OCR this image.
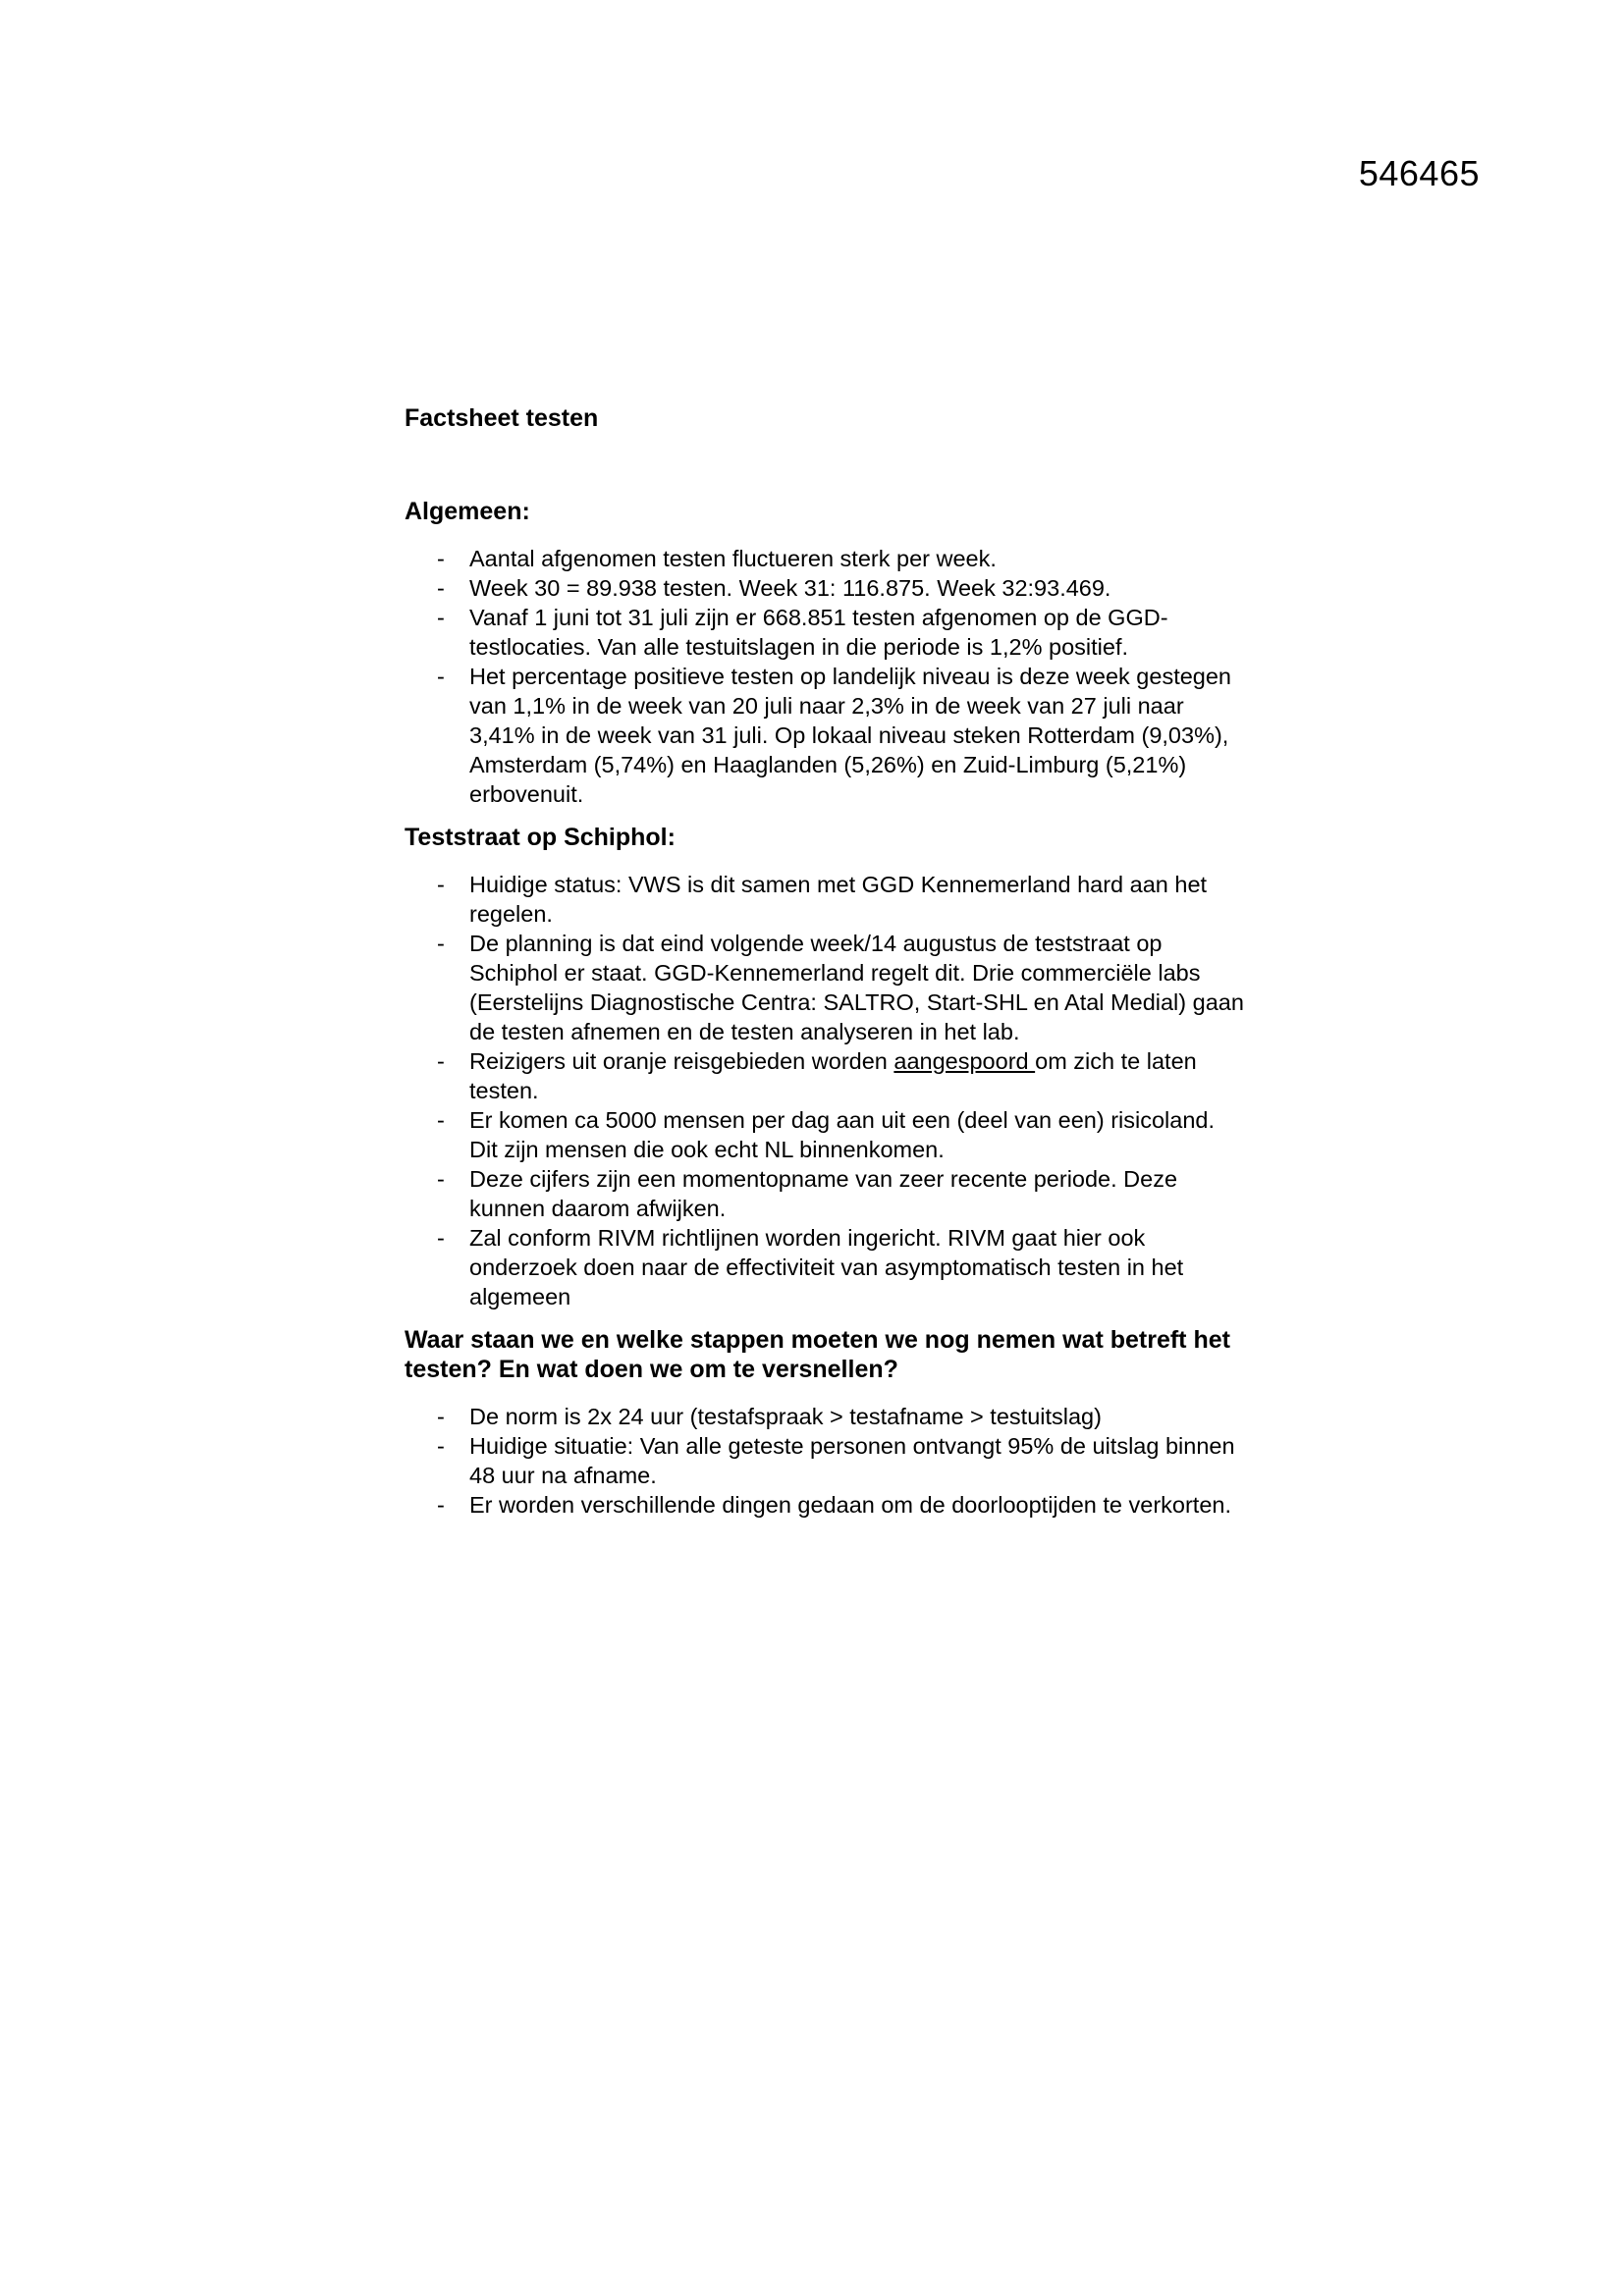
546465
Factsheet testen
Algemeen:
- Aantal afgenomen testen fluctueren sterk per week.
- Week 30 = 89.938 testen. Week 31: 116.875. Week 32:93.469.
- Vanaf 1 juni tot 31 juli zijn er 668.851 testen afgenomen op de GGD-testlocaties. Van alle testuitslagen in die periode is 1,2% positief.
- Het percentage positieve testen op landelijk niveau is deze week gestegen van 1,1% in de week van 20 juli naar 2,3% in de week van 27 juli naar 3,41% in de week van 31 juli. Op lokaal niveau steken Rotterdam (9,03%), Amsterdam (5,74%) en Haaglanden (5,26%) en Zuid-Limburg (5,21%) erbovenuit.
Teststraat op Schiphol:
- Huidige status: VWS is dit samen met GGD Kennemerland hard aan het regelen.
- De planning is dat eind volgende week/14 augustus de teststraat op Schiphol er staat. GGD-Kennemerland regelt dit. Drie commerciële labs (Eerstelijns Diagnostische Centra: SALTRO, Start-SHL en Atal Medial) gaan de testen afnemen en de testen analyseren in het lab.
- Reizigers uit oranje reisgebieden worden aangespoord om zich te laten testen.
- Er komen ca 5000 mensen per dag aan uit een (deel van een) risicoland. Dit zijn mensen die ook echt NL binnenkomen.
- Deze cijfers zijn een momentopname van zeer recente periode. Deze kunnen daarom afwijken.
- Zal conform RIVM richtlijnen worden ingericht. RIVM gaat hier ook onderzoek doen naar de effectiviteit van asymptomatisch testen in het algemeen
Waar staan we en welke stappen moeten we nog nemen wat betreft het testen? En wat doen we om te versnellen?
- De norm is 2x 24 uur (testafspraak > testafname > testuitslag)
- Huidige situatie: Van alle geteste personen ontvangt 95% de uitslag binnen 48 uur na afname.
- Er worden verschillende dingen gedaan om de doorlooptijden te verkorten.
